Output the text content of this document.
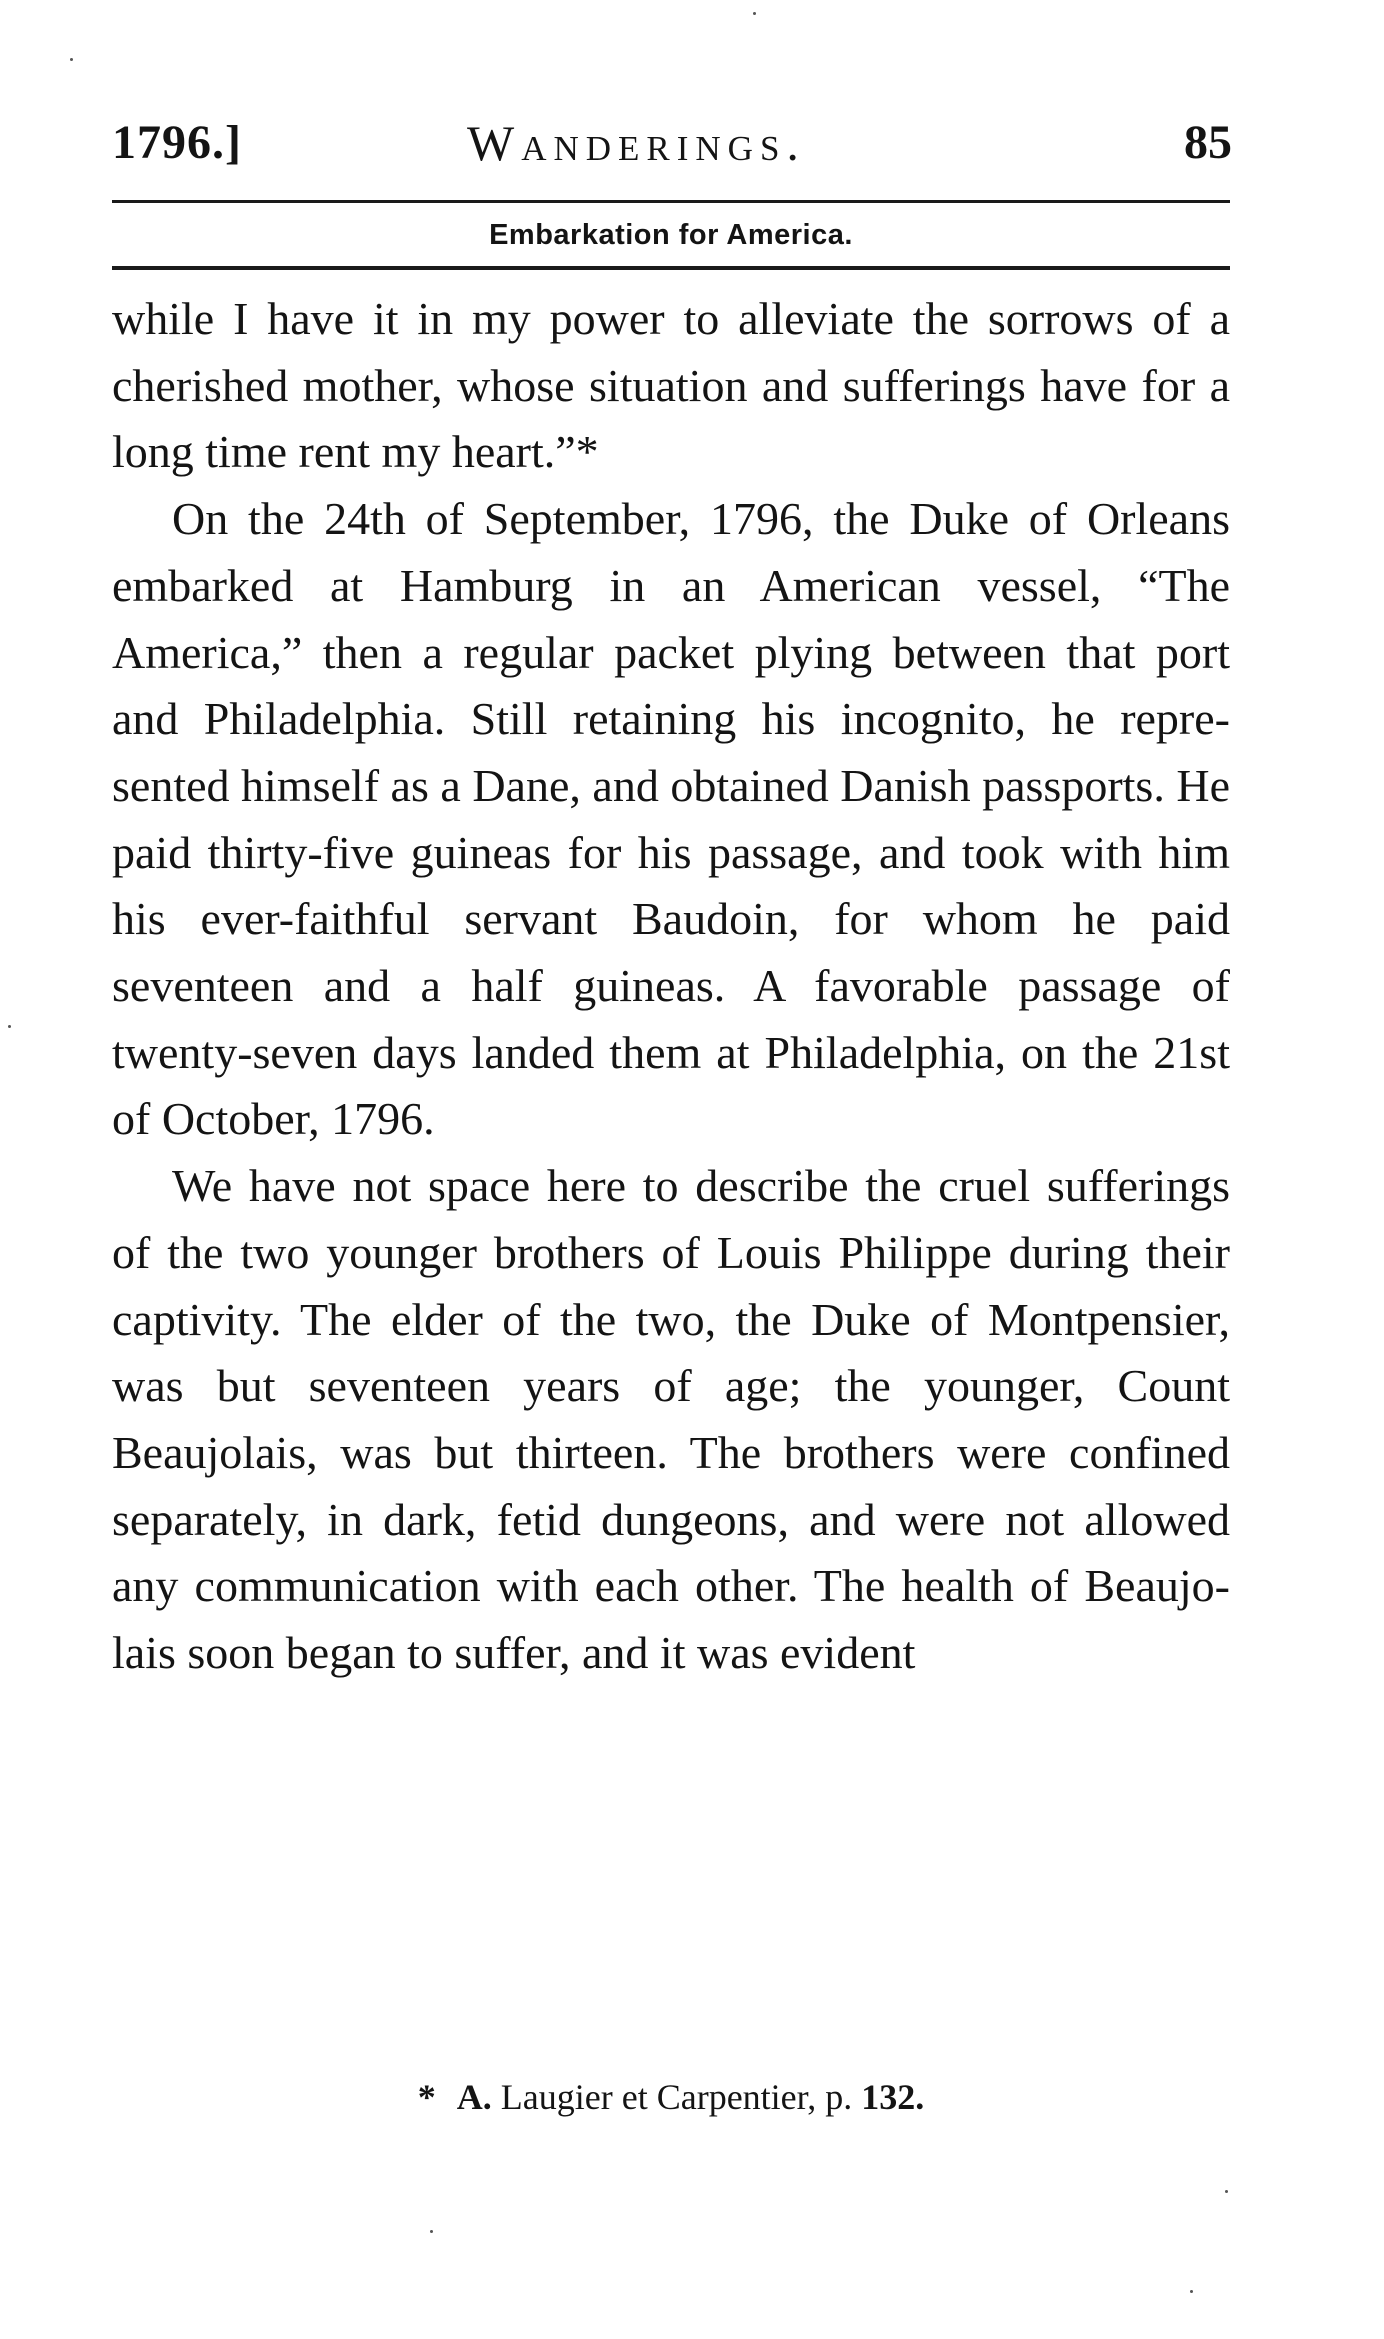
1796.]	Wanderings.	85
Embarkation for America.

while I have it in my power to alleviate the sorrows of a cherished mother, whose situation and sufferings have for a long time rent my heart.”*

On the 24th of September, 1796, the Duke of Orleans embarked at Hamburg in an American vessel, “The America,” then a regular packet plying between that port and Philadelphia. Still retaining his incognito, he represented himself as a Dane, and obtained Danish passports. He paid thirty-five guineas for his passage, and took with him his ever-faithful servant Baudoin, for whom he paid seventeen and a half guineas. A favorable passage of twenty-seven days landed them at Philadelphia, on the 21st of October, 1796.

We have not space here to describe the cruel sufferings of the two younger brothers of Louis Philippe during their captivity. The elder of the two, the Duke of Montpensier, was but seventeen years of age; the younger, Count Beaujolais, was but thirteen. The brothers were confined separately, in dark, fetid dungeons, and were not allowed any communication with each other. The health of Beaujolais soon began to suffer, and it was evident

* A. Laugier et Carpentier, p. 132.
